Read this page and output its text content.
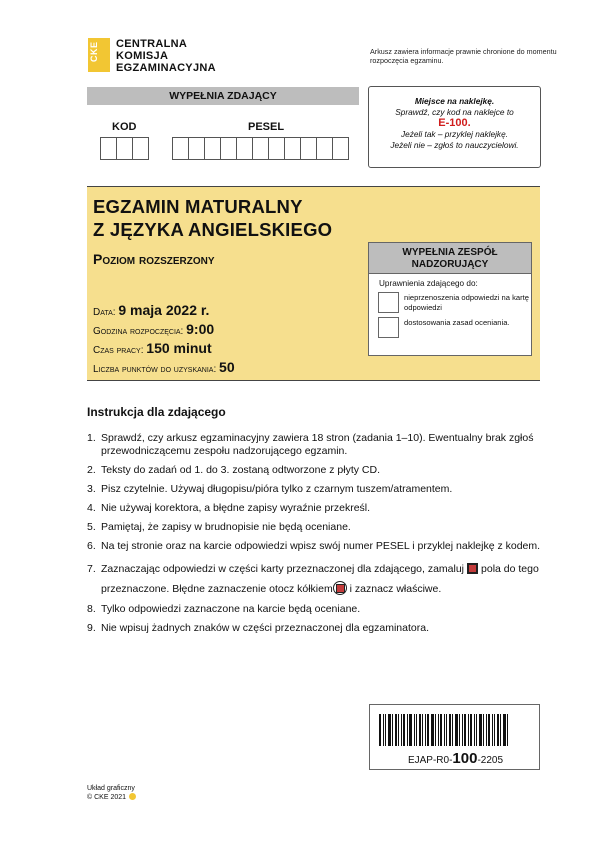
CKE CENTRALNA
KOMISJA
EGZAMINACYJNA
Arkusz zawiera informacje prawnie chronione do momentu rozpoczęcia egzaminu.
WYPEŁNIA ZDAJĄCY
KOD	PESEL
Miejsce na naklejkę.
Sprawdź, czy kod na naklejce to
E-100.
Jeżeli tak – przyklej naklejkę.
Jeżeli nie – zgłoś to nauczycielowi.
EGZAMIN MATURALNY
Z JĘZYKA ANGIELSKIEGO
Poziom rozszerzony
Data: 9 maja 2022 r.
Godzina rozpoczęcia: 9:00
Czas pracy: 150 minut
Liczba punktów do uzyskania: 50
WYPEŁNIA ZESPÓŁ NADZORUJĄCY
Uprawnienia zdającego do:
nieprzenoszenia odpowiedzi na kartę odpowiedzi
dostosowania zasad oceniania.
Instrukcja dla zdającego
1. Sprawdź, czy arkusz egzaminacyjny zawiera 18 stron (zadania 1–10). Ewentualny brak zgłoś przewodniczącemu zespołu nadzorującego egzamin.
2. Teksty do zadań od 1. do 3. zostaną odtworzone z płyty CD.
3. Pisz czytelnie. Używaj długopisu/pióra tylko z czarnym tuszem/atramentem.
4. Nie używaj korektora, a błędne zapisy wyraźnie przekreśl.
5. Pamiętaj, że zapisy w brudnopisie nie będą oceniane.
6. Na tej stronie oraz na karcie odpowiedzi wpisz swój numer PESEL i przyklej naklejkę z kodem.
7. Zaznaczając odpowiedzi w części karty przeznaczonej dla zdającego, zamaluj pola do tego przeznaczone. Błędne zaznaczenie otocz kółkiem i zaznacz właściwe.
8. Tylko odpowiedzi zaznaczone na karcie będą oceniane.
9. Nie wpisuj żadnych znaków w części przeznaczonej dla egzaminatora.
EJAP-R0-100-2205
Układ graficzny
© CKE 2021
